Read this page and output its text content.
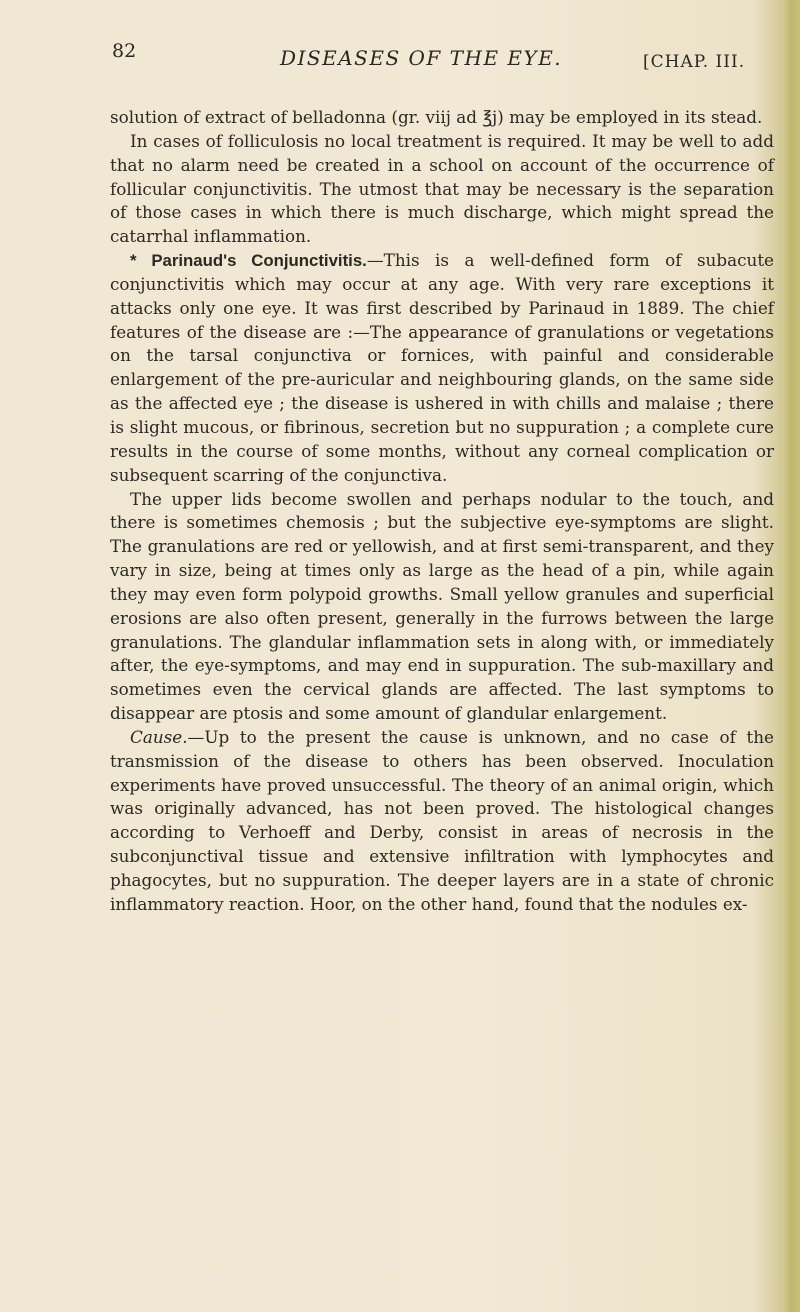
82	DISEASES OF THE EYE.	[CHAP. III.

solution of extract of belladonna (gr. viij ad ℥j) may be employed in its stead.

In cases of folliculosis no local treatment is required. It may be well to add that no alarm need be created in a school on account of the occurrence of follicular conjunctivitis. The utmost that may be necessary is the separation of those cases in which there is much discharge, which might spread the catarrhal inflammation.

* Parinaud's Conjunctivitis.—This is a well-defined form of subacute conjunctivitis which may occur at any age. With very rare exceptions it attacks only one eye. It was first described by Parinaud in 1889. The chief features of the disease are :—The appearance of granulations or vegetations on the tarsal conjunctiva or fornices, with painful and considerable enlargement of the pre-auricular and neighbouring glands, on the same side as the affected eye ; the disease is ushered in with chills and malaise ; there is slight mucous, or fibrinous, secretion but no suppuration ; a complete cure results in the course of some months, without any corneal complication or subsequent scarring of the conjunctiva.

The upper lids become swollen and perhaps nodular to the touch, and there is sometimes chemosis ; but the subjective eye-symptoms are slight. The granulations are red or yellowish, and at first semi-transparent, and they vary in size, being at times only as large as the head of a pin, while again they may even form polypoid growths. Small yellow granules and superficial erosions are also often present, generally in the furrows between the large granulations. The glandular inflammation sets in along with, or immediately after, the eye-symptoms, and may end in suppuration. The sub-maxillary and sometimes even the cervical glands are affected. The last symptoms to disappear are ptosis and some amount of glandular enlargement.

Cause.—Up to the present the cause is unknown, and no case of the transmission of the disease to others has been observed. Inoculation experiments have proved unsuccessful. The theory of an animal origin, which was originally advanced, has not been proved. The histological changes according to Verhoeff and Derby, consist in areas of necrosis in the subconjunctival tissue and extensive infiltration with lymphocytes and phagocytes, but no suppuration. The deeper layers are in a state of chronic inflammatory reaction. Hoor, on the other hand, found that the nodules ex-
